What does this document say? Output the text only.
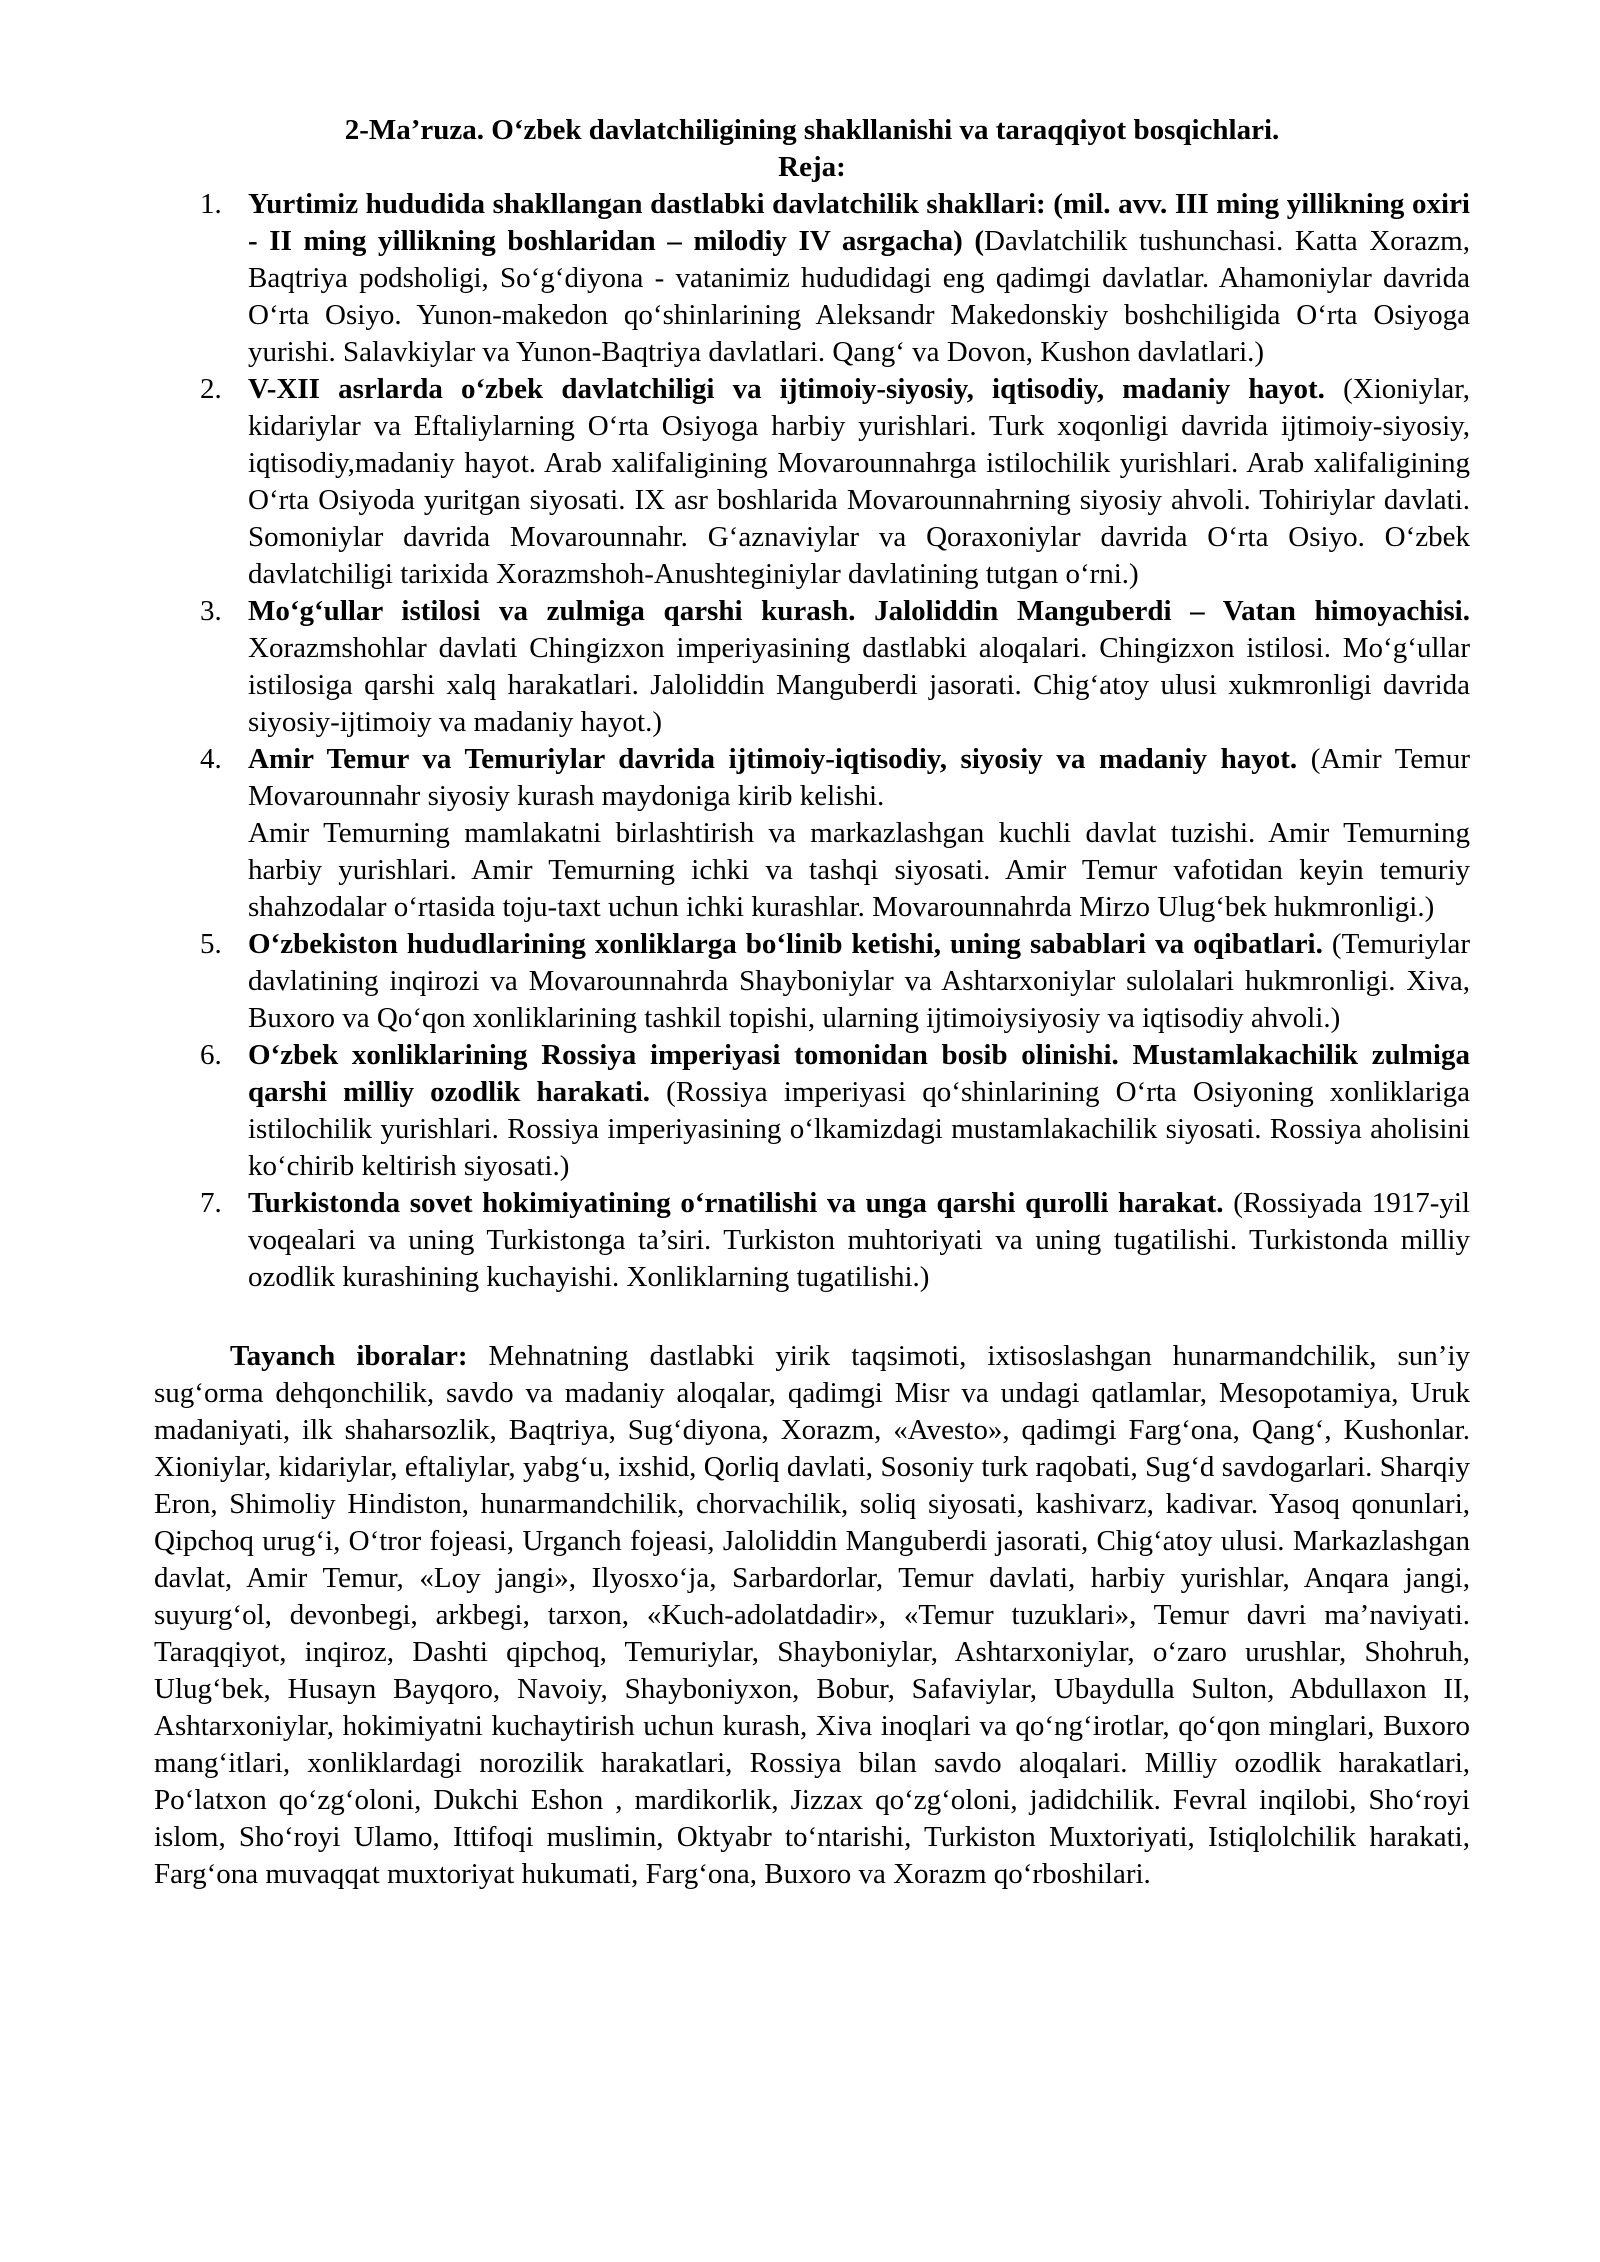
2-Ma’ruza. O‘zbek davlatchiligining shakllanishi va taraqqiyot bosqichlari.

Reja:

1. Yurtimiz hududida shakllangan dastlabki davlatchilik shakllari: (mil. avv. III ming yillikning oxiri - II ming yillikning boshlaridan – milodiy IV asrgacha) (Davlatchilik tushunchasi. Katta Xorazm, Baqtriya podsholigi, So‘g‘diyona - vatanimiz hududidagi eng qadimgi davlatlar. Ahamoniylar davrida O‘rta Osiyo. Yunon-makedon qo‘shinlarining Aleksandr Makedonskiy boshchiligida O‘rta Osiyoga yurishi. Salavkiylar va Yunon-Baqtriya davlatlari. Qang‘ va Dovon, Kushon davlatlari.)
2. V-XII asrlarda o‘zbek davlatchiligi va ijtimoiy-siyosiy, iqtisodiy, madaniy hayot. (Xioniylar, kidariylar va Eftaliylarning O‘rta Osiyoga harbiy yurishlari. Turk xoqonligi davrida ijtimoiy-siyosiy, iqtisodiy,madaniy hayot. Arab xalifaligining Movarounnahrga istilochilik yurishlari. Arab xalifaligining O‘rta Osiyoda yuritgan siyosati. IX asr boshlarida Movarounnahrning siyosiy ahvoli. Tohiriylar davlati. Somoniylar davrida Movarounnahr. G‘aznaviylar va Qoraxoniylar davrida O‘rta Osiyo. O‘zbek davlatchiligi tarixida Xorazmshoh-Anushteginiylar davlatining tutgan o‘rni.)
3. Mo‘g‘ullar istilosi va zulmiga qarshi kurash. Jaloliddin Manguberdi – Vatan himoyachisi. Xorazmshohlar davlati Chingizxon imperiyasining dastlabki aloqalari. Chingizxon istilosi. Mo‘g‘ullar istilosiga qarshi xalq harakatlari. Jaloliddin Manguberdi jasorati. Chig‘atoy ulusi xukmronligi davrida siyosiy-ijtimoiy va madaniy hayot.)
4. Amir Temur va Temuriylar davrida ijtimoiy-iqtisodiy, siyosiy va madaniy hayot. (Amir Temur Movarounnahr siyosiy kurash maydoniga kirib kelishi.
Amir Temurning mamlakatni birlashtirish va markazlashgan kuchli davlat tuzishi. Amir Temurning harbiy yurishlari. Amir Temurning ichki va tashqi siyosati. Amir Temur vafotidan keyin temuriy shahzodalar o‘rtasida toju-taxt uchun ichki kurashlar. Movarounnahrda Mirzo Ulug‘bek hukmronligi.)
5. O‘zbekiston hududlarining xonliklarga bo‘linib ketishi, uning sabablari va oqibatlari. (Temuriylar davlatining inqirozi va Movarounnahrda Shayboniylar va Ashtarxoniylar sulolalari hukmronligi. Xiva, Buxoro va Qo‘qon xonliklarining tashkil topishi, ularning ijtimoiysiyosiy va iqtisodiy ahvoli.)
6. O‘zbek xonliklarining Rossiya imperiyasi tomonidan bosib olinishi. Mustamlakachilik zulmiga qarshi milliy ozodlik harakati. (Rossiya imperiyasi qo‘shinlarining O‘rta Osiyoning xonliklariga istilochilik yurishlari. Rossiya imperiyasining o‘lkamizdagi mustamlakachilik siyosati. Rossiya aholisini ko‘chirib keltirish siyosati.)
7. Turkistonda sovet hokimiyatining o‘rnatilishi va unga qarshi qurolli harakat. (Rossiyada 1917-yil voqealari va uning Turkistonga ta’siri. Turkiston muhtoriyati va uning tugatilishi. Turkistonda milliy ozodlik kurashining kuchayishi. Xonliklarning tugatilishi.)

Tayanch iboralar: Mehnatning dastlabki yirik taqsimoti, ixtisoslashgan hunarmandchilik, sun’iy sug‘orma dehqonchilik, savdo va madaniy aloqalar, qadimgi Misr va undagi qatlamlar, Mesopotamiya, Uruk madaniyati, ilk shaharsozlik, Baqtriya, Sug‘diyona, Xorazm, «Avesto», qadimgi Farg‘ona, Qang‘, Kushonlar. Xioniylar, kidariylar, eftaliylar, yabg‘u, ixshid, Qorliq davlati, Sosoniy turk raqobati, Sug‘d savdogarlari. Sharqiy Eron, Shimoliy Hindiston, hunarmandchilik, chorvachilik, soliq siyosati, kashivarz, kadivar. Yasoq qonunlari, Qipchoq urug‘i, O‘tror fojeasi, Urganch fojeasi, Jaloliddin Manguberdi jasorati, Chig‘atoy ulusi. Markazlashgan davlat, Amir Temur, «Loy jangi», Ilyosxo‘ja, Sarbardorlar, Temur davlati, harbiy yurishlar, Anqara jangi, suyurg‘ol, devonbegi, arkbegi, tarxon, «Kuch-adolatdadir», «Temur tuzuklari», Temur davri ma’naviyati. Taraqqiyot, inqiroz, Dashti qipchoq, Temuriylar, Shayboniylar, Ashtarxoniylar, o‘zaro urushlar, Shohruh, Ulug‘bek, Husayn Bayqoro, Navoiy, Shayboniyxon, Bobur, Safaviylar, Ubaydulla Sulton, Abdullaxon II, Ashtarxoniylar, hokimiyatni kuchaytirish uchun kurash, Xiva inoqlari va qo‘ng‘irotlar, qo‘qon minglari, Buxoro mang‘itlari, xonliklardagi norozilik harakatlari, Rossiya bilan savdo aloqalari. Milliy ozodlik harakatlari, Po‘latxon qo‘zg‘oloni, Dukchi Eshon , mardikorlik, Jizzax qo‘zg‘oloni, jadidchilik. Fevral inqilobi, Sho‘royi islom, Sho‘royi Ulamo, Ittifoqi muslimin, Oktyabr to‘ntarishi, Turkiston Muxtoriyati, Istiqlolchilik harakati, Farg‘ona muvaqqat muxtoriyat hukumati, Farg‘ona, Buxoro va Xorazm qo‘rboshilari.
